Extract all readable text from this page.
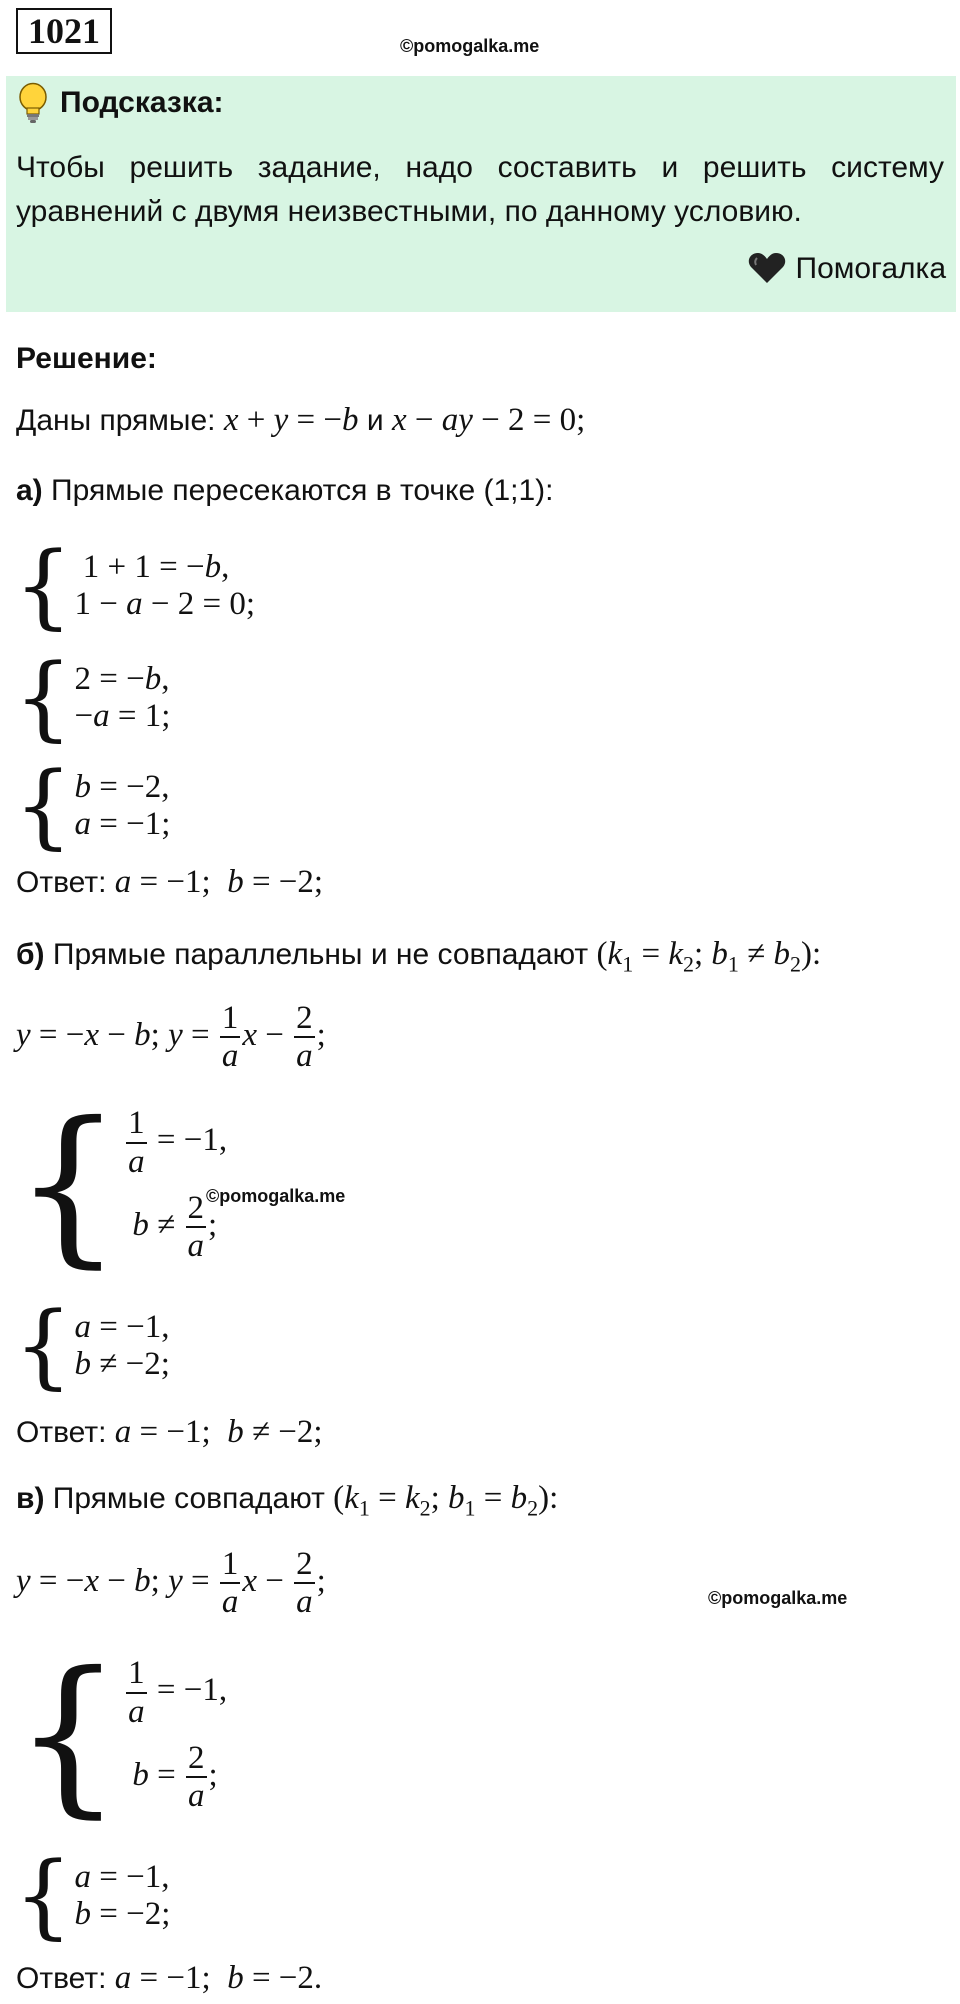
1021	©pomogalka.me
Подсказка:
Чтобы решить задание, надо составить и решить систему уравнений с двумя неизвестными, по данному условию.
Помогалка
Решение:
Даны прямые: x + y = −b и x − ay − 2 = 0;
а) Прямые пересекаются в точке (1;1):
{ 1 + 1 = −b,
1 − a − 2 = 0;
{ 2 = −b,
−a = 1;
{ b = −2,
a = −1;
Ответ: a = −1;  b = −2;
б) Прямые параллельны и не совпадают ($k_1 = k_2$; $b_1 \ne b_2$):
y = −x − b; $y = \frac{1}{a}$ $x - \frac{2}{a}$ ;
{ $\frac{1}{a} = -1$,
$b \ne \frac{2}{a}$ ;
©pomogalka.me
{ a = −1,
b ≠ −2;
Ответ: a = −1;  b ≠ −2;
в) Прямые совпадают ($k_1 = k_2$; $b_1 = b_2$):
y = −x − b; $y = \frac{1}{a}$ $x - \frac{2}{a}$ ;	©pomogalka.me
{ $\frac{1}{a} = -1$,
$b = \frac{2}{a}$ ;
{ a = −1,
b = −2;
Ответ: a = −1;  b = −2.
